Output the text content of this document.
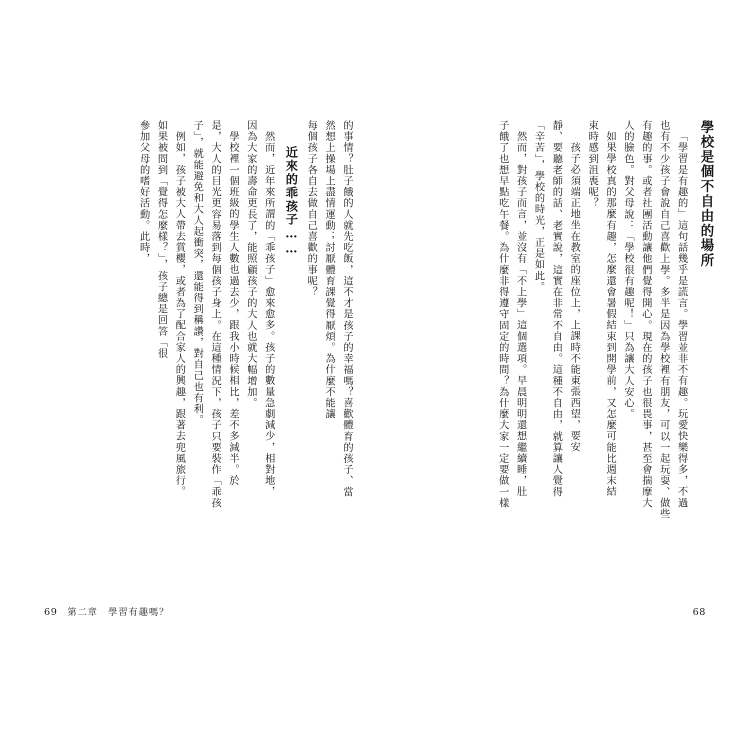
學校是個不自由的場所
「學習是有趣的」這句話幾乎是謊言。學習並非不有趣。玩愛快樂得多，不過
也有不少孩子會說自己喜歡上學。多半是因為學校裡有朋友，可以一起玩耍、做些
有趣的事。或者社團活動讓他們覺得開心。現在的孩子也很畏事，甚至會揣摩大
人的臉色。對父母說：「學校很有趣呢！」只為讓大人安心。
如果學校真的那麼有趣，怎麼還會暑假結束到開學前，又怎麼可能比週末結
束時感到沮喪呢？
孩子必須端正地坐在教室的座位上，上課時不能東張西望，要安
靜、要聽老師的話、老實說，這實在非常不自由。這種不自由，就算讓人覺得
「辛苦」，學校的時光，正是如此。
然而，對孩子而言，並沒有「不上學」這個選項。早晨明明還想繼續睡，肚
子餓了也想早點吃午餐。為什麼非得遵守固定的時間？為什麼大家一定要做一樣
的事情？肚子餓的人就先吃飯，這不才是孩子的幸福嗎？喜歡體育的孩子、當
然想上操場上盡情運動；討厭體育課覺得厭煩。為什麼不能讓
每個孩子各自去做自己喜歡的事呢？
近來的乖孩子……
然而，近年來所謂的「乖孩子」愈來愈多。孩子的數量急劇減少，相對地，
因為大家的壽命更長了，能照顧孩子的大人也就大幅增加。
學校裡一個班級的學生人數也過去少，跟我小時候相比，差不多減半。於
是，大人的目光更容易落到每個孩子身上。在這種情況下，孩子只要裝作「乖孩
子」，就能避免和大人起衝突，還能得到稱讚，對自己也有利。
例如，孩子被大人帶去賞櫻，或者為了配合家人的興趣，跟著去兜風旅行。
如果被問到「覺得怎麼樣？」，孩子總是回答「很
參加父母的嗜好活動。此時，
69 第二章　學習有趣嗎？	68
